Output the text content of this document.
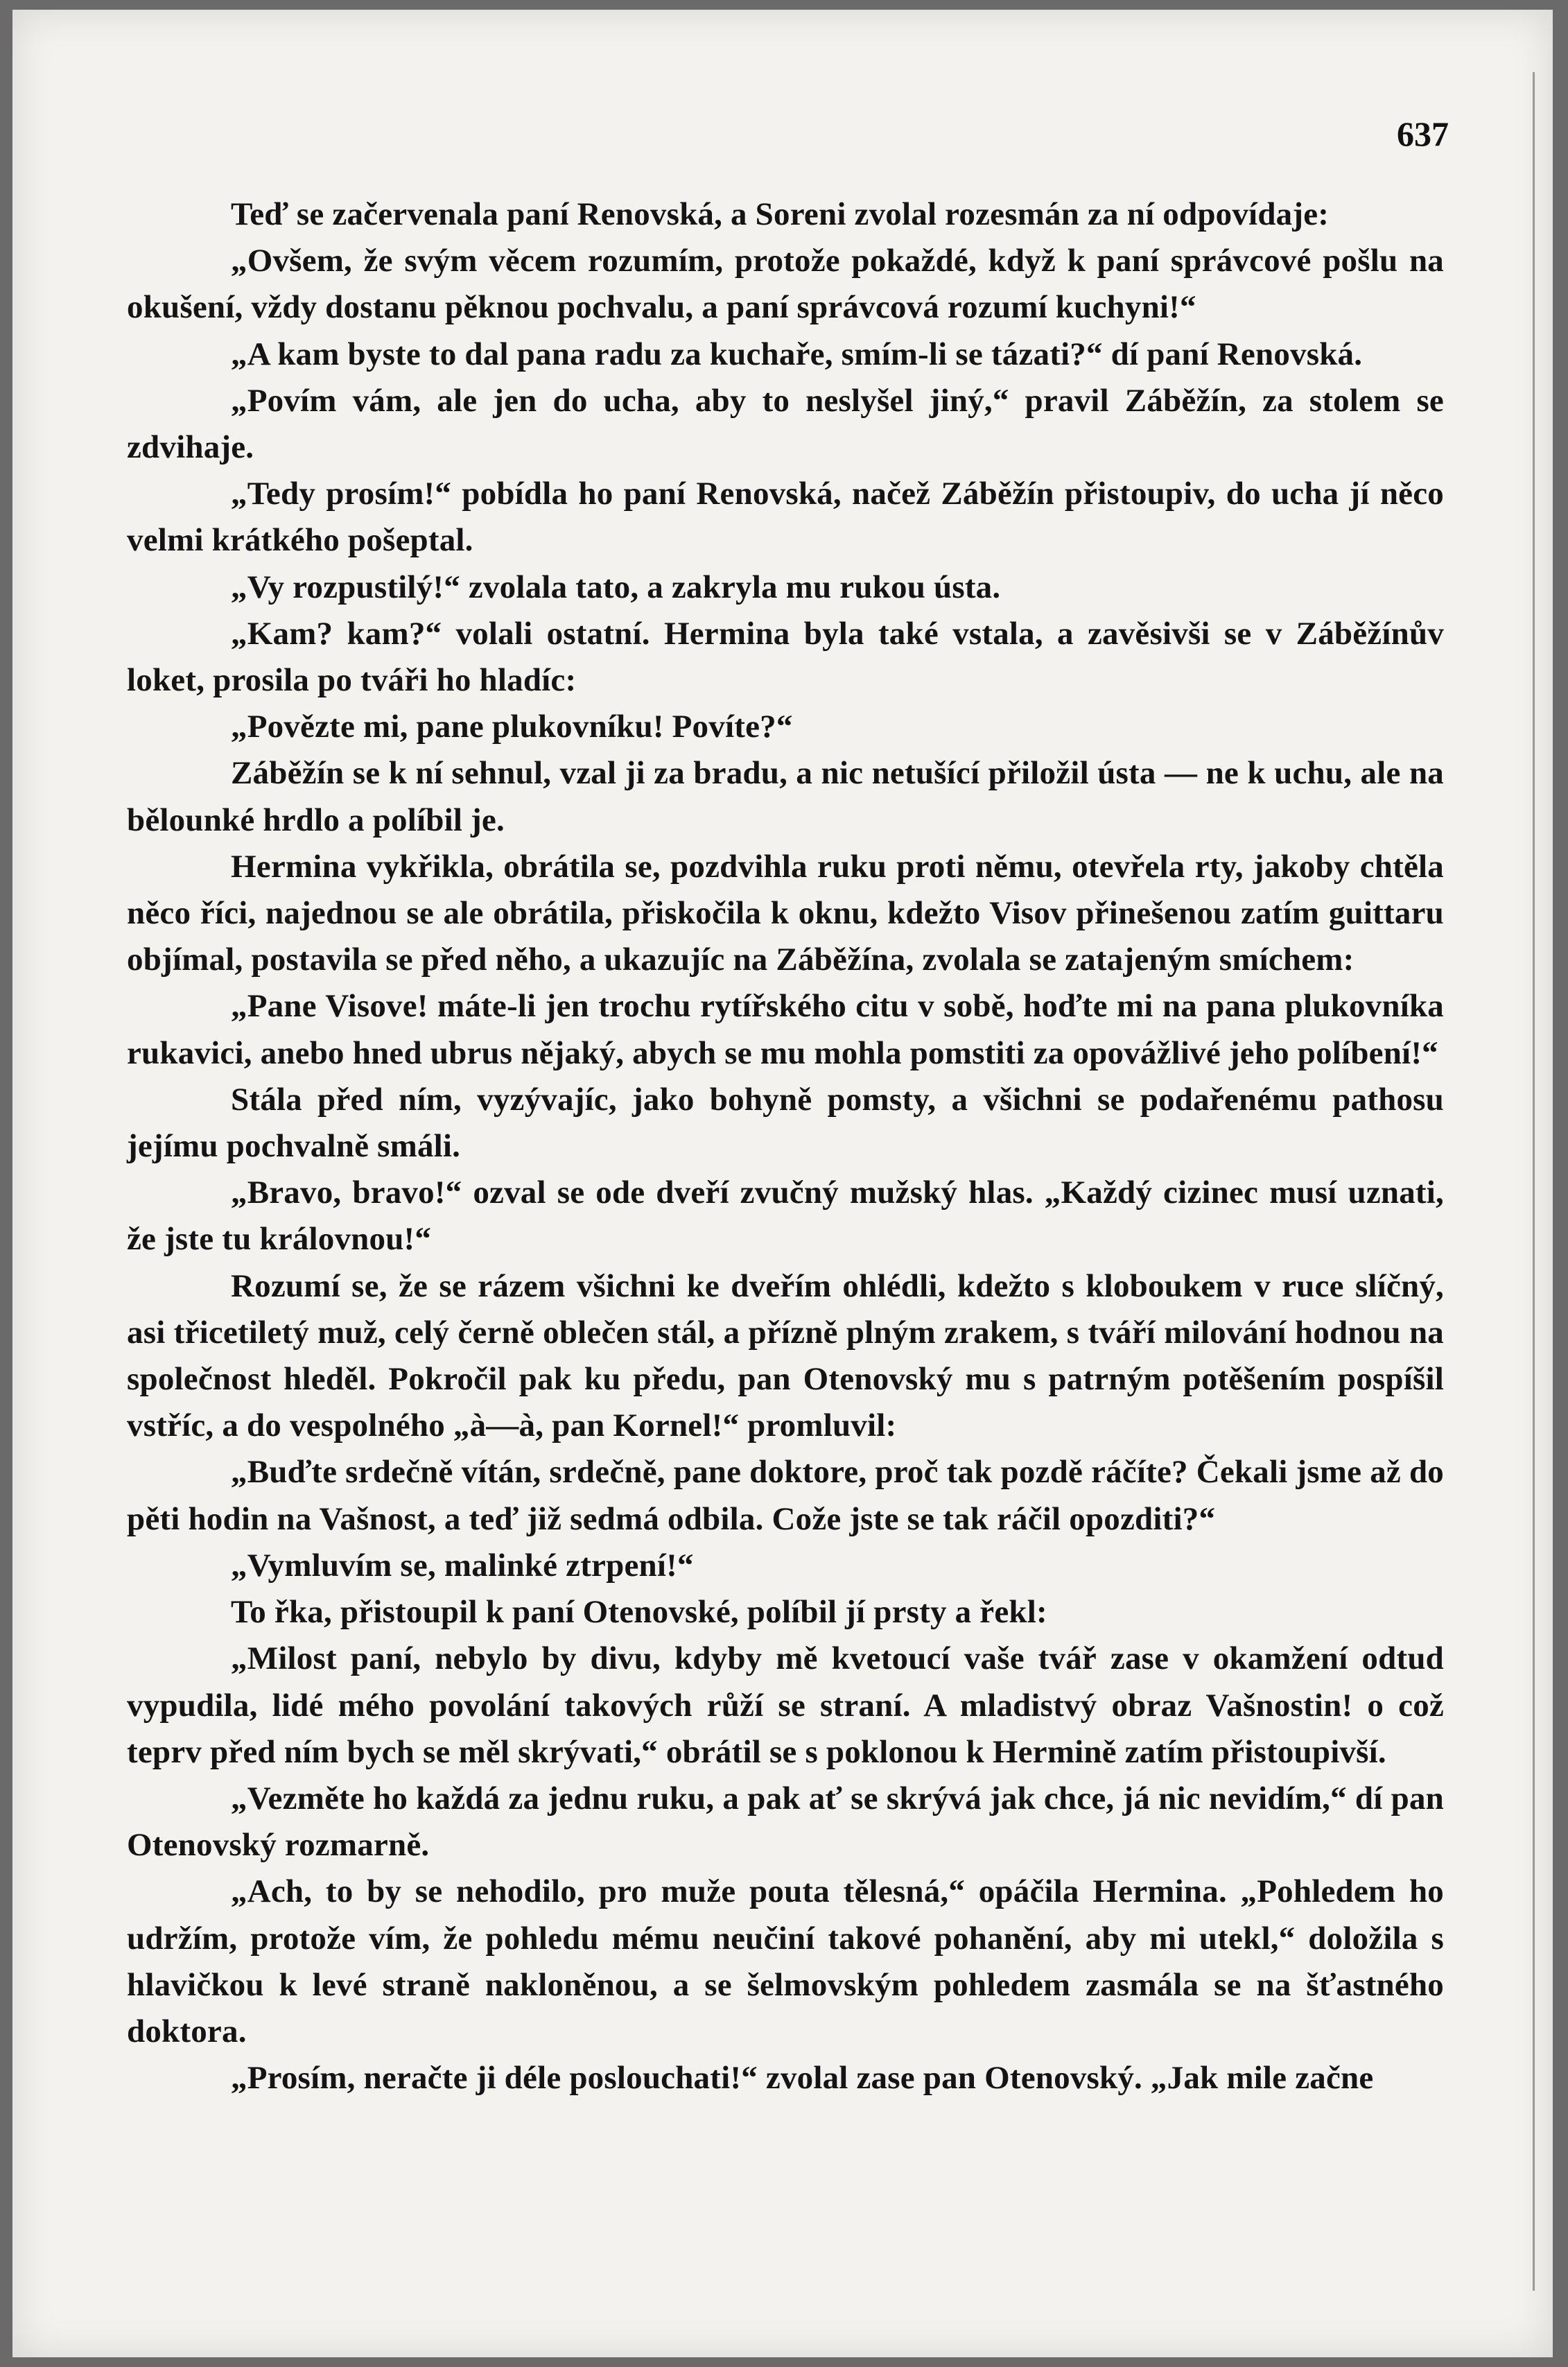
637

Teď se začervenala paní Renovská, a Soreni zvolal rozesmán za ní odpovídaje:

„Ovšem, že svým věcem rozumím, protože pokaždé, když k paní správcové pošlu na okušení, vždy dostanu pěknou pochvalu, a paní správcová rozumí kuchyni!“

„A kam byste to dal pana radu za kuchaře, smím-li se tázati?“ dí paní Renovská.

„Povím vám, ale jen do ucha, aby to neslyšel jiný,“ pravil Záběžín, za stolem se zdvihaje.

„Tedy prosím!“ pobídla ho paní Renovská, načež Záběžín přistoupiv, do ucha jí něco velmi krátkého pošeptal.

„Vy rozpustilý!“ zvolala tato, a zakryla mu rukou ústa.

„Kam? kam?“ volali ostatní. Hermina byla také vstala, a zavěsivši se v Záběžínův loket, prosila po tváři ho hladíc:

„Povězte mi, pane plukovníku! Povíte?“

Záběžín se k ní sehnul, vzal ji za bradu, a nic netušící přiložil ústa — ne k uchu, ale na bělounké hrdlo a políbil je.

Hermina vykřikla, obrátila se, pozdvihla ruku proti němu, otevřela rty, jakoby chtěla něco říci, najednou se ale obrátila, přiskočila k oknu, kdežto Visov přinešenou zatím guittaru objímal, postavila se před něho, a ukazujíc na Záběžína, zvolala se zatajeným smíchem:

„Pane Visove! máte-li jen trochu rytířského citu v sobě, hoďte mi na pana plukovníka rukavici, anebo hned ubrus nějaký, abych se mu mohla pomstiti za opovážlivé jeho políbení!“

Stála před ním, vyzývajíc, jako bohyně pomsty, a všichni se podařenému pathosu jejímu pochvalně smáli.

„Bravo, bravo!“ ozval se ode dveří zvučný mužský hlas. „Každý cizinec musí uznati, že jste tu královnou!“

Rozumí se, že se rázem všichni ke dveřím ohlédli, kdežto s kloboukem v ruce slíčný, asi třicetiletý muž, celý černě oblečen stál, a přízně plným zrakem, s tváří milování hodnou na společnost hleděl. Pokročil pak ku předu, pan Otenovský mu s patrným potěšením pospíšil vstříc, a do vespolného „à—à, pan Kornel!“ promluvil:

„Buďte srdečně vítán, srdečně, pane doktore, proč tak pozdě ráčíte? Čekali jsme až do pěti hodin na Vašnost, a teď již sedmá odbila. Cože jste se tak ráčil opozditi?“

„Vymluvím se, malinké ztrpení!“

To řka, přistoupil k paní Otenovské, políbil jí prsty a řekl:

„Milost paní, nebylo by divu, kdyby mě kvetoucí vaše tvář zase v okamžení odtud vypudila, lidé mého povolání takových růží se straní. A mladistvý obraz Vašnostin! o což teprv před ním bych se měl skrývati,“ obrátil se s poklonou k Hermině zatím přistoupivší.

„Vezměte ho každá za jednu ruku, a pak ať se skrývá jak chce, já nic nevidím,“ dí pan Otenovský rozmarně.

„Ach, to by se nehodilo, pro muže pouta tělesná,“ opáčila Hermina. „Pohledem ho udržím, protože vím, že pohledu mému neučiní takové pohanění, aby mi utekl,“ doložila s hlavičkou k levé straně nakloněnou, a se šelmovským pohledem zasmála se na šťastného doktora.

„Prosím, neračte ji déle poslouchati!“ zvolal zase pan Otenovský. „Jak mile začne
